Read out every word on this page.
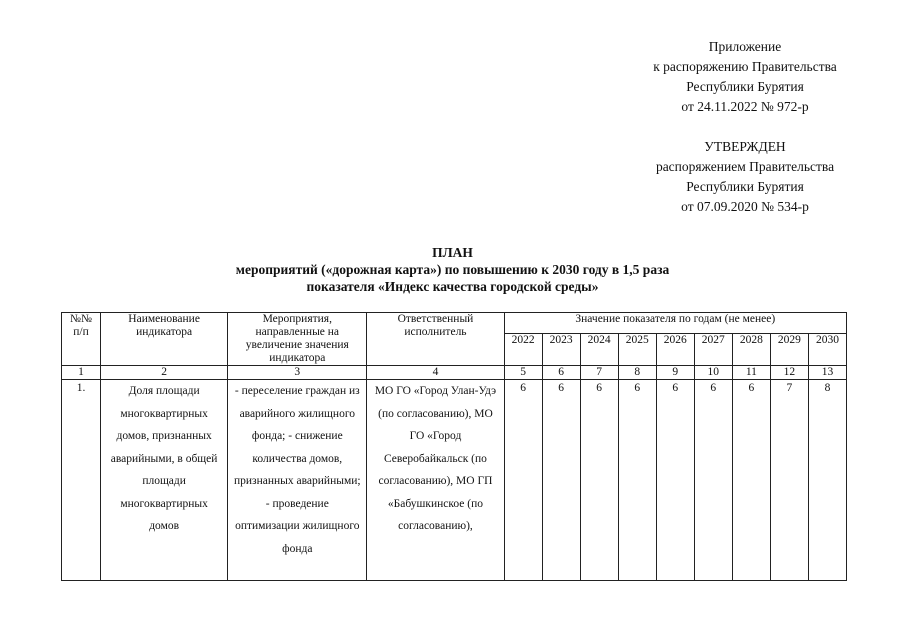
Приложение
к распоряжению Правительства
Республики Бурятия
от 24.11.2022 № 972-р
УТВЕРЖДЕН
распоряжением Правительства
Республики Бурятия
от 07.09.2020 № 534-р
ПЛАН
мероприятий («дорожная карта») по повышению к 2030 году в 1,5 раза
показателя «Индекс качества городской среды»
№№ п/п	Наименование индикатора	Мероприятия, направленные на увеличение значения индикатора	Ответственный исполнитель	Значение показателя по годам (не менее)								
				2022	2023	2024	2025	2026	2027	2028	2029	2030
1	2	3	4	5	6	7	8	9	10	11	12	13
1.	Доля площади многоквартирных домов, признанных аварийными, в общей площади многоквартирных домов	- переселение граждан из аварийного жилищного фонда; - снижение количества домов, признанных аварийными; - проведение оптимизации жилищного фонда	МО ГО «Город Улан-Удэ (по согласованию), МО ГО «Город Северобайкальск (по согласованию), МО ГП «Бабушкинское (по согласованию),	6	6	6	6	6	6	6	7	8
